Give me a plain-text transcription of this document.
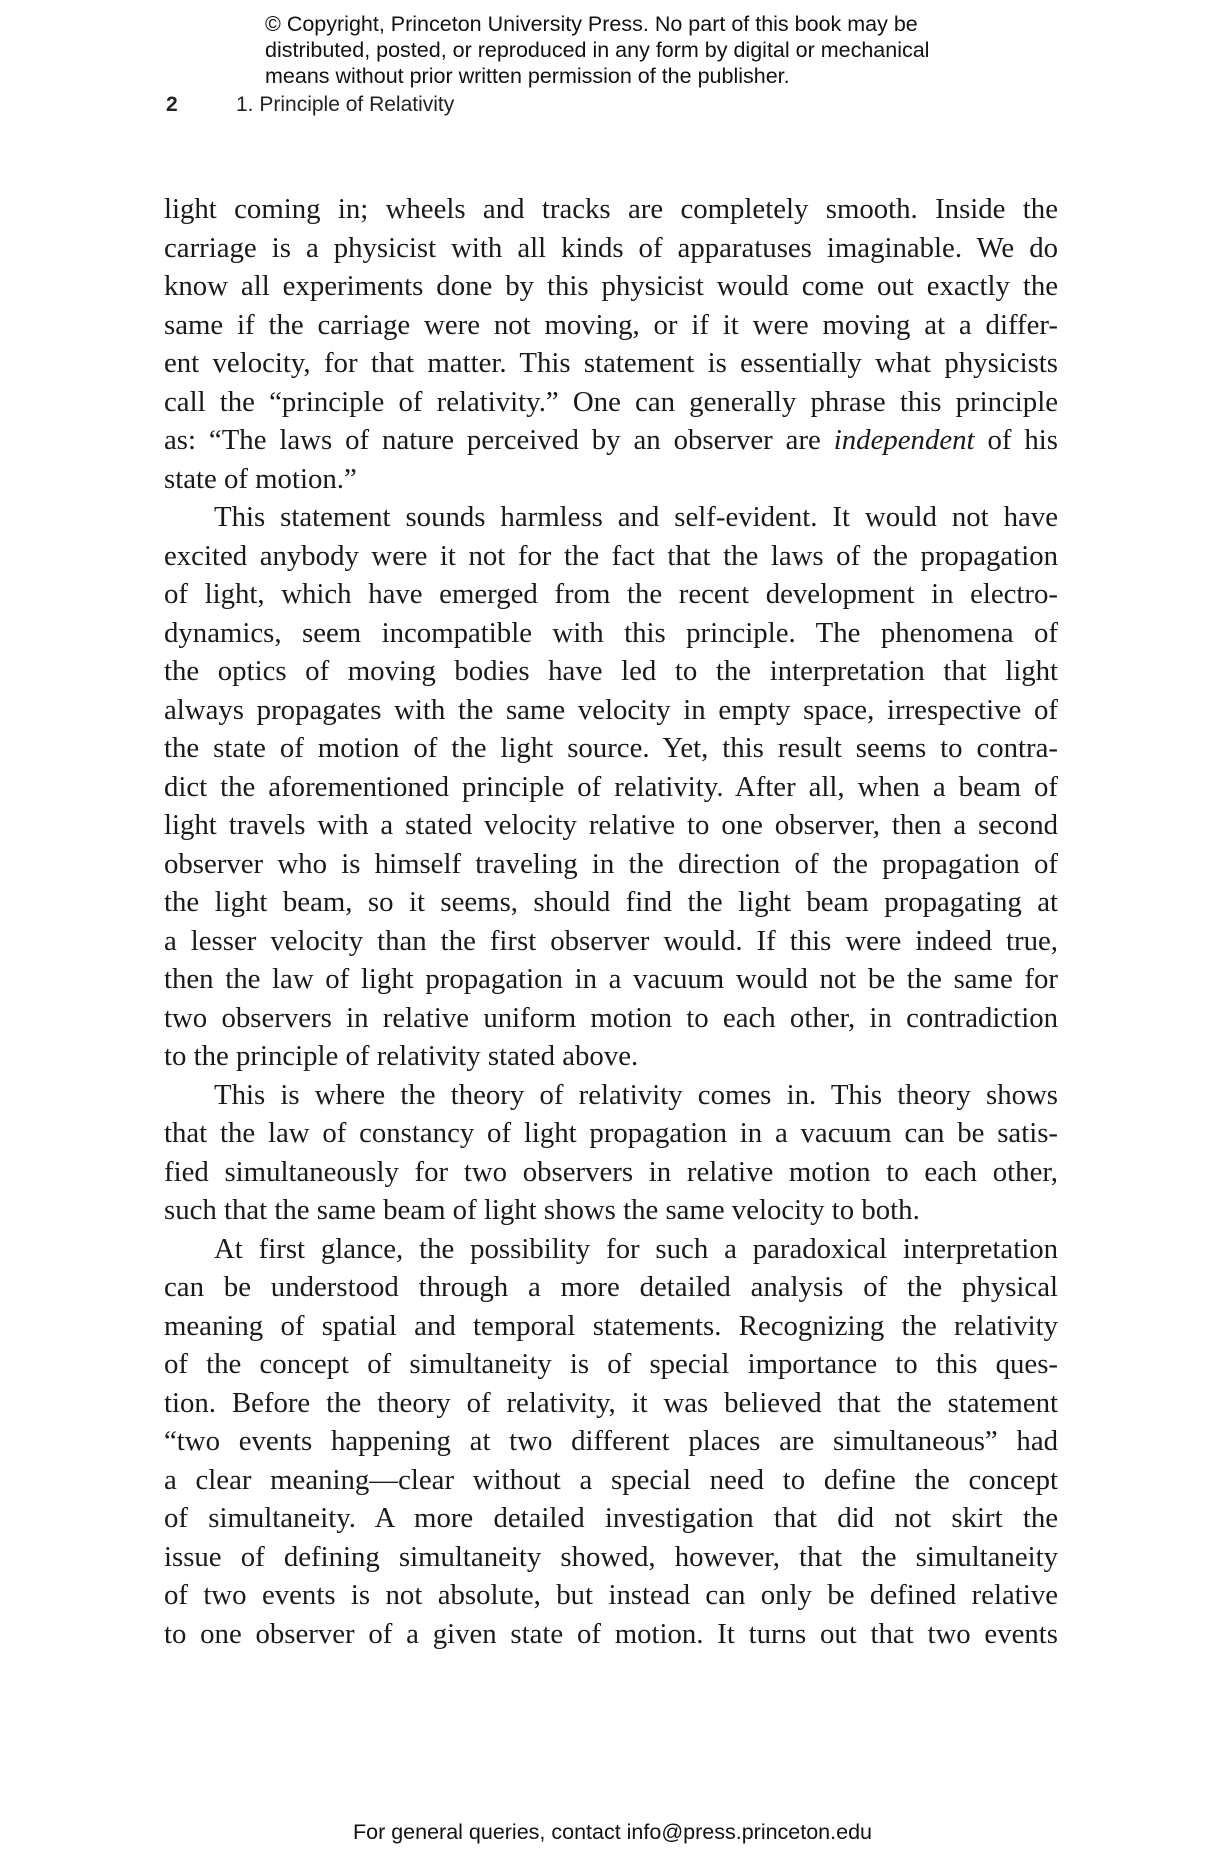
© Copyright, Princeton University Press. No part of this book may be
distributed, posted, or reproduced in any form by digital or mechanical
means without prior written permission of the publisher.
2	1. Principle of Relativity
light coming in; wheels and tracks are completely smooth. Inside the
carriage is a physicist with all kinds of apparatuses imaginable. We do
know all experiments done by this physicist would come out exactly the
same if the carriage were not moving, or if it were moving at a differ-
ent velocity, for that matter. This statement is essentially what physicists
call the “principle of relativity.” One can generally phrase this principle
as: “The laws of nature perceived by an observer are independent of his
state of motion.”
This statement sounds harmless and self-evident. It would not have
excited anybody were it not for the fact that the laws of the propagation
of light, which have emerged from the recent development in electro-
dynamics, seem incompatible with this principle. The phenomena of
the optics of moving bodies have led to the interpretation that light
always propagates with the same velocity in empty space, irrespective of
the state of motion of the light source. Yet, this result seems to contra-
dict the aforementioned principle of relativity. After all, when a beam of
light travels with a stated velocity relative to one observer, then a second
observer who is himself traveling in the direction of the propagation of
the light beam, so it seems, should find the light beam propagating at
a lesser velocity than the first observer would. If this were indeed true,
then the law of light propagation in a vacuum would not be the same for
two observers in relative uniform motion to each other, in contradiction
to the principle of relativity stated above.
This is where the theory of relativity comes in. This theory shows
that the law of constancy of light propagation in a vacuum can be satis-
fied simultaneously for two observers in relative motion to each other,
such that the same beam of light shows the same velocity to both.
At first glance, the possibility for such a paradoxical interpretation
can be understood through a more detailed analysis of the physical
meaning of spatial and temporal statements. Recognizing the relativity
of the concept of simultaneity is of special importance to this ques-
tion. Before the theory of relativity, it was believed that the statement
“two events happening at two different places are simultaneous” had
a clear meaning—clear without a special need to define the concept
of simultaneity. A more detailed investigation that did not skirt the
issue of defining simultaneity showed, however, that the simultaneity
of two events is not absolute, but instead can only be defined relative
to one observer of a given state of motion. It turns out that two events
For general queries, contact info@press.princeton.edu
